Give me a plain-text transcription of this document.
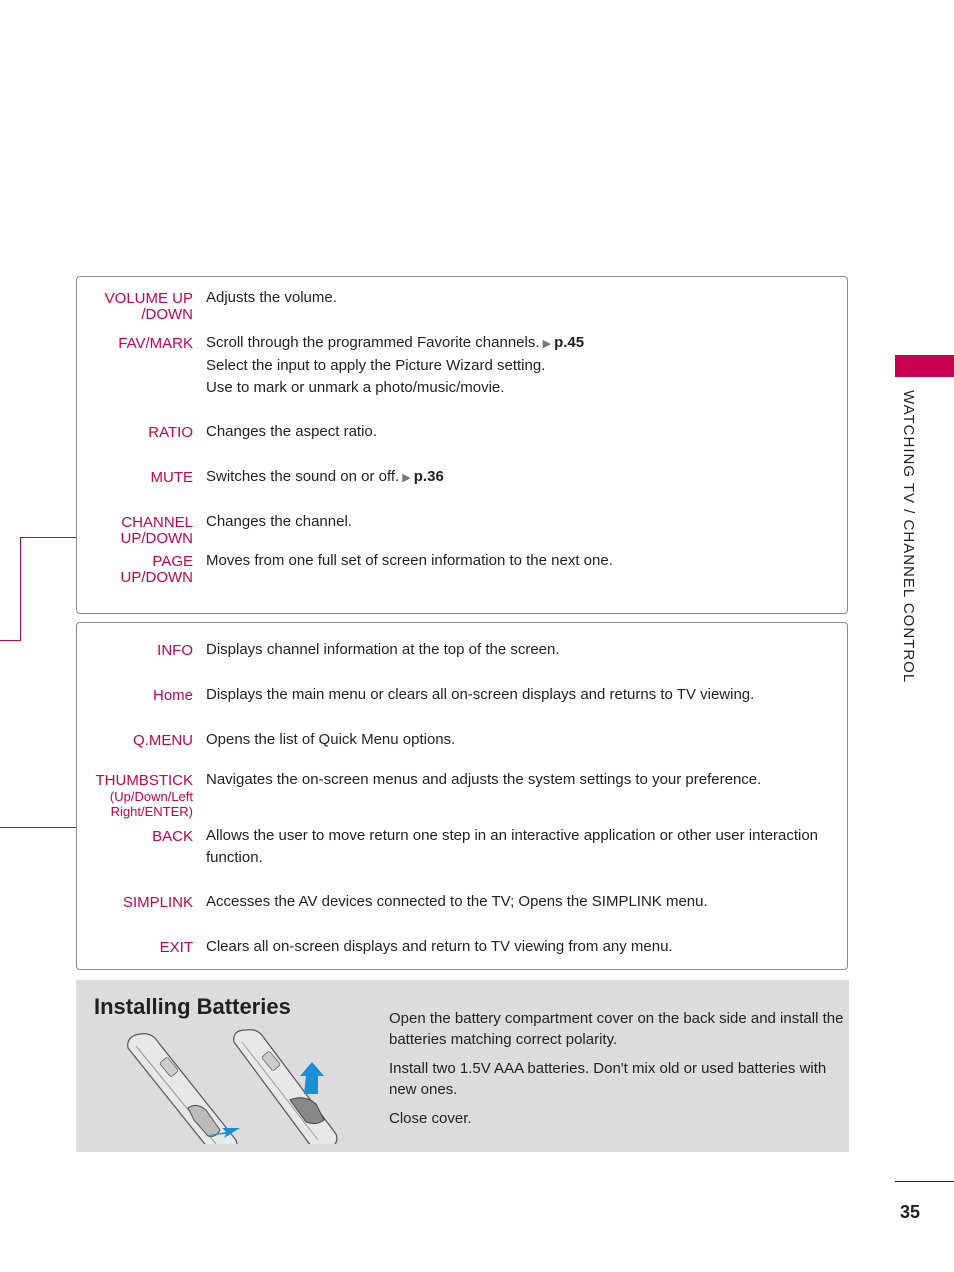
WATCHING TV / CHANNEL CONTROL
VOLUME UP
/DOWN
Adjusts the volume.
FAV/MARK Scroll through the programmed Favorite channels. ▶ p.45
Select the input to apply the Picture Wizard setting.
Use to mark or unmark a photo/music/movie.
RATIO Changes the aspect ratio.
MUTE Switches the sound on or off. ▶ p.36
CHANNEL
UP/DOWN
Changes the channel.
PAGE
UP/DOWN
Moves from one full set of screen information to the next one.
INFO Displays channel information at the top of the screen.
Home Displays the main menu or clears all on-screen displays and returns to TV viewing.
Q.MENU Opens the list of Quick Menu options.
THUMBSTICK
(Up/Down/Left
Right/ENTER)
Navigates the on-screen menus and adjusts the system settings to your preference.
BACK Allows the user to move return one step in an interactive application or other user interaction function.
SIMPLINK Accesses the AV devices connected to the TV; Opens the SIMPLINK menu.
EXIT Clears all on-screen displays and return to TV viewing from any menu.
Installing Batteries	Open the battery compartment cover on the back side and install the batteries matching correct polarity.

Install two 1.5V AAA batteries. Don't mix old or used batteries with new ones.

Close cover.

35
